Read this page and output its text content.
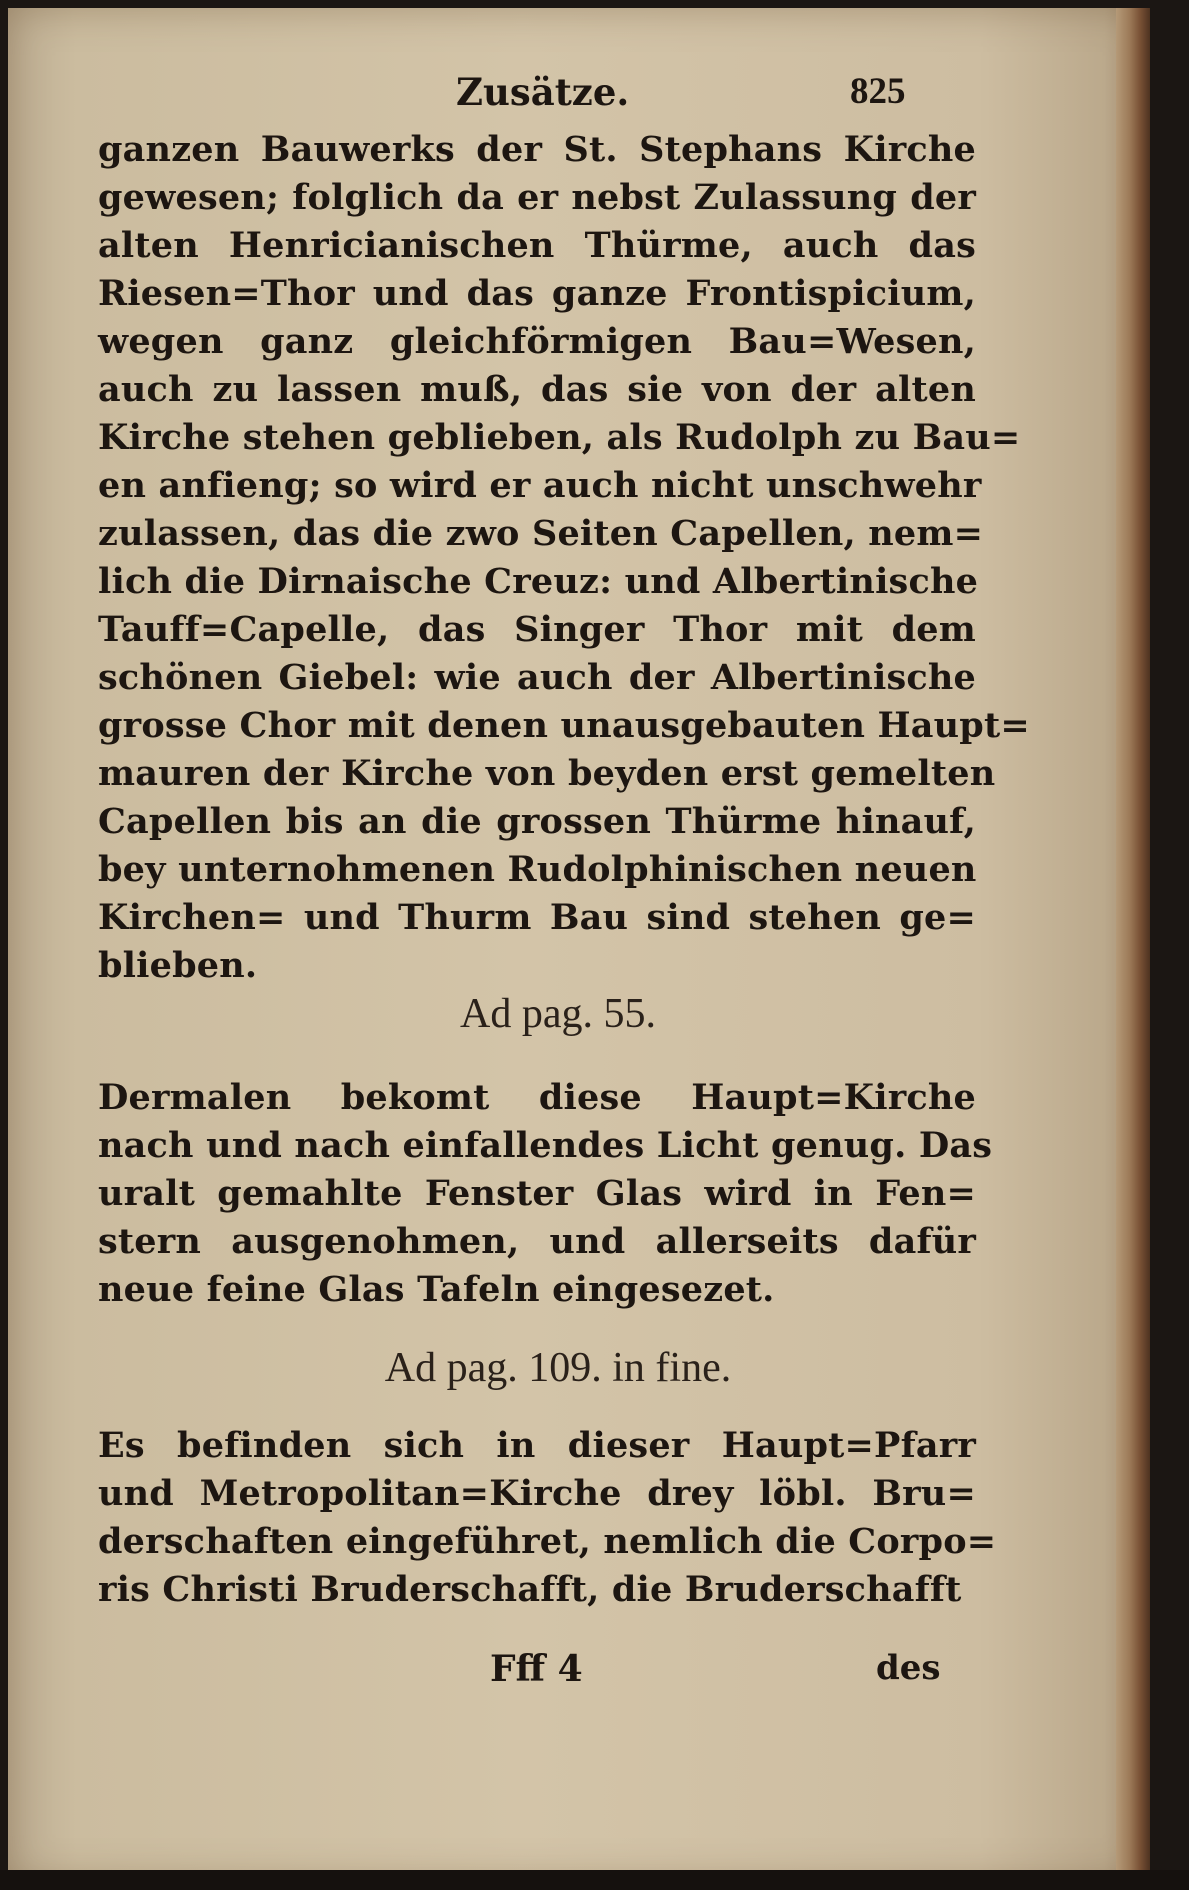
Zusätze.	825
ganzen Bauwerks der St. Stephans Kirche
gewesen; folglich da er nebst Zulassung der
alten Henricianischen Thürme, auch das
Riesen=Thor und das ganze Frontispicium,
wegen ganz gleichförmigen Bau=Wesen,
auch zu lassen muß, das sie von der alten
Kirche stehen geblieben, als Rudolph zu Bau=
en anfieng; so wird er auch nicht unschwehr
zulassen, das die zwo Seiten Capellen, nem=
lich die Dirnaische Creuz: und Albertinische
Tauff=Capelle, das Singer Thor mit dem
schönen Giebel: wie auch der Albertinische
grosse Chor mit denen unausgebauten Haupt=
mauren der Kirche von beyden erst gemelten
Capellen bis an die grossen Thürme hinauf,
bey unternohmenen Rudolphinischen neuen
Kirchen= und Thurm Bau sind stehen ge=
blieben.
Ad pag. 55.
Dermalen bekomt diese Haupt=Kirche
nach und nach einfallendes Licht genug. Das
uralt gemahlte Fenster Glas wird in Fen=
stern ausgenohmen, und allerseits dafür
neue feine Glas Tafeln eingesezet.
Ad pag. 109. in fine.
Es befinden sich in dieser Haupt=Pfarr
und Metropolitan=Kirche drey löbl. Bru=
derschaften eingeführet, nemlich die Corpo=
ris Christi Bruderschafft, die Bruderschafft
Fff 4	des
